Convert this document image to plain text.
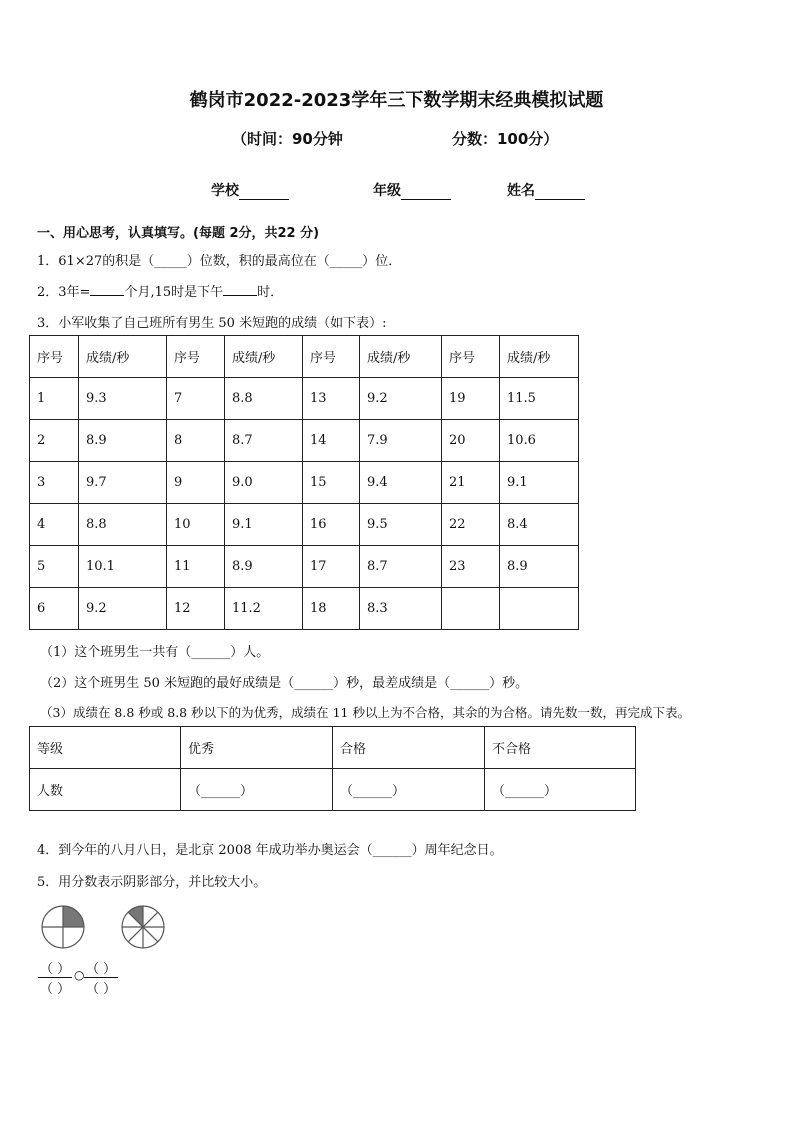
鹤岗市2022-2023学年三下数学期末经典模拟试题
（时间：90分钟	分数：100分）
学校	年级	姓名
一、用心思考，认真填写。(每题 2分，共22 分)
1．61×27的积是（_____）位数，积的最高位在（_____）位．
2．3年=	个月,15时是下午	时．
3．小军收集了自己班所有男生 50 米短跑的成绩（如下表）:
序号	成绩/秒	序号	成绩/秒	序号	成绩/秒	序号	成绩/秒
1	9.3	7	8.8	13	9.2	19	11.5
2	8.9	8	8.7	14	7.9	20	10.6
3	9.7	9	9.0	15	9.4	21	9.1
4	8.8	10	9.1	16	9.5	22	8.4
5	10.1	11	8.9	17	8.7	23	8.9
6	9.2	12	11.2	18	8.3		
（1）这个班男生一共有（______）人。
（2）这个班男生 50 米短跑的最好成绩是（______）秒，最差成绩是（______）秒。
（3）成绩在 8.8 秒或 8.8 秒以下的为优秀，成绩在 11 秒以上为不合格，其余的为合格。请先数一数，再完成下表。
等级	优秀	合格	不合格
人数	（______）	（______）	（______）
4．到今年的八月八日，是北京 2008 年成功举办奥运会（______）周年纪念日。
5．用分数表示阴影部分，并比较大小。
（ ）
（ ）
○ （ ）
（ ）
